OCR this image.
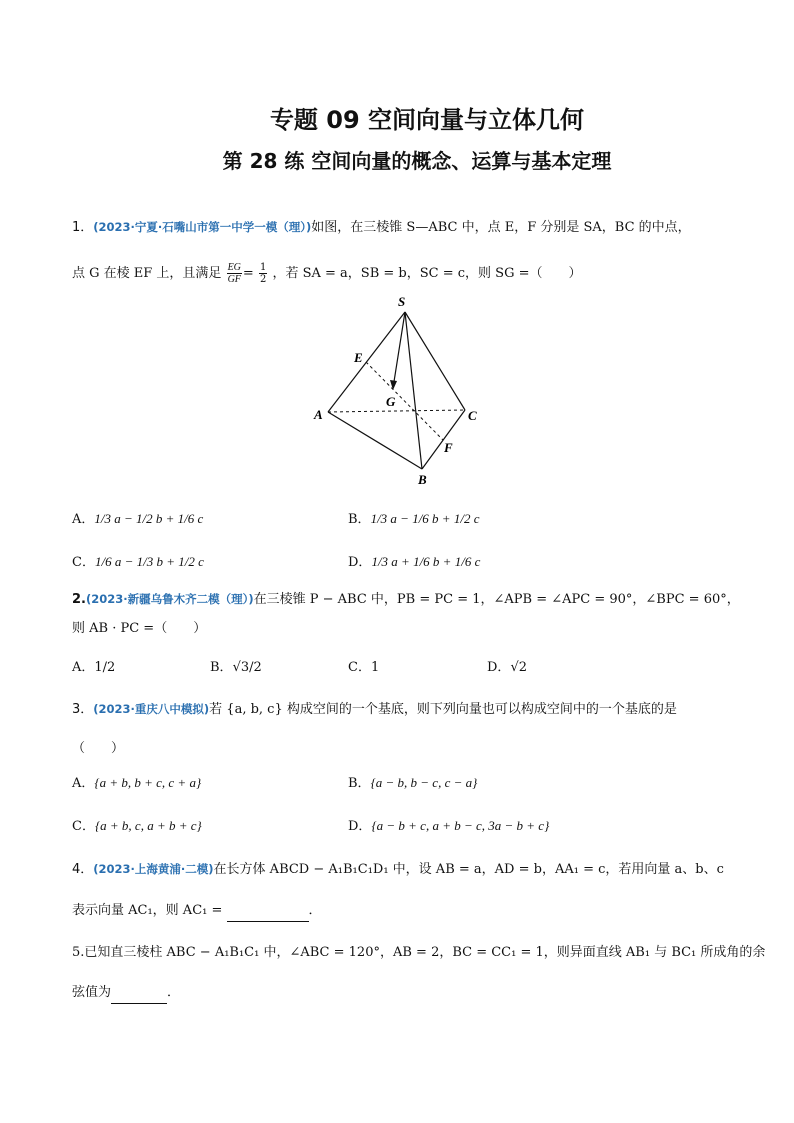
专题 09 空间向量与立体几何
第 28 练 空间向量的概念、运算与基本定理
1．(2023·宁夏·石嘴山市第一中学一模（理）)如图，在三棱锥 S—ABC 中，点 E，F 分别是 SA，BC 的中点，
点 G 在棱 EF 上，且满足 $\frac{EG}{GF} = \frac{1}{2}$ ，若 SA = a，SB = b，SC = c，则 SG =（　　）
S
E
G
A	C
F
B
A．1/3 a − 1/2 b + 1/6 c	B．1/3 a − 1/6 b + 1/2 c
C．1/6 a − 1/3 b + 1/2 c	D．1/3 a + 1/6 b + 1/6 c
2.(2023·新疆乌鲁木齐二模（理）)在三棱锥 P − ABC 中，PB = PC = 1，∠APB = ∠APC = 90°，∠BPC = 60°，
则 AB · PC =（　　）
A．1/2	B．√3/2	C．1	D．√2
3．(2023·重庆八中模拟)若 {a, b, c} 构成空间的一个基底，则下列向量也可以构成空间中的一个基底的是
（　　）
A．{a + b, b + c, c + a}	B．{a − b, b − c, c − a}
C．{a + b, c, a + b + c}	D．{a − b + c, a + b − c, 3a − b + c}
4．(2023·上海黄浦·二模)在长方体 ABCD − A₁B₁C₁D₁ 中，设 AB = a，AD = b，AA₁ = c，若用向量 a、b、c
表示向量 AC₁，则 AC₁ =	．
5.已知直三棱柱 ABC − A₁B₁C₁ 中，∠ABC = 120°，AB = 2，BC = CC₁ = 1，则异面直线 AB₁ 与 BC₁ 所成角的余
弦值为	．
